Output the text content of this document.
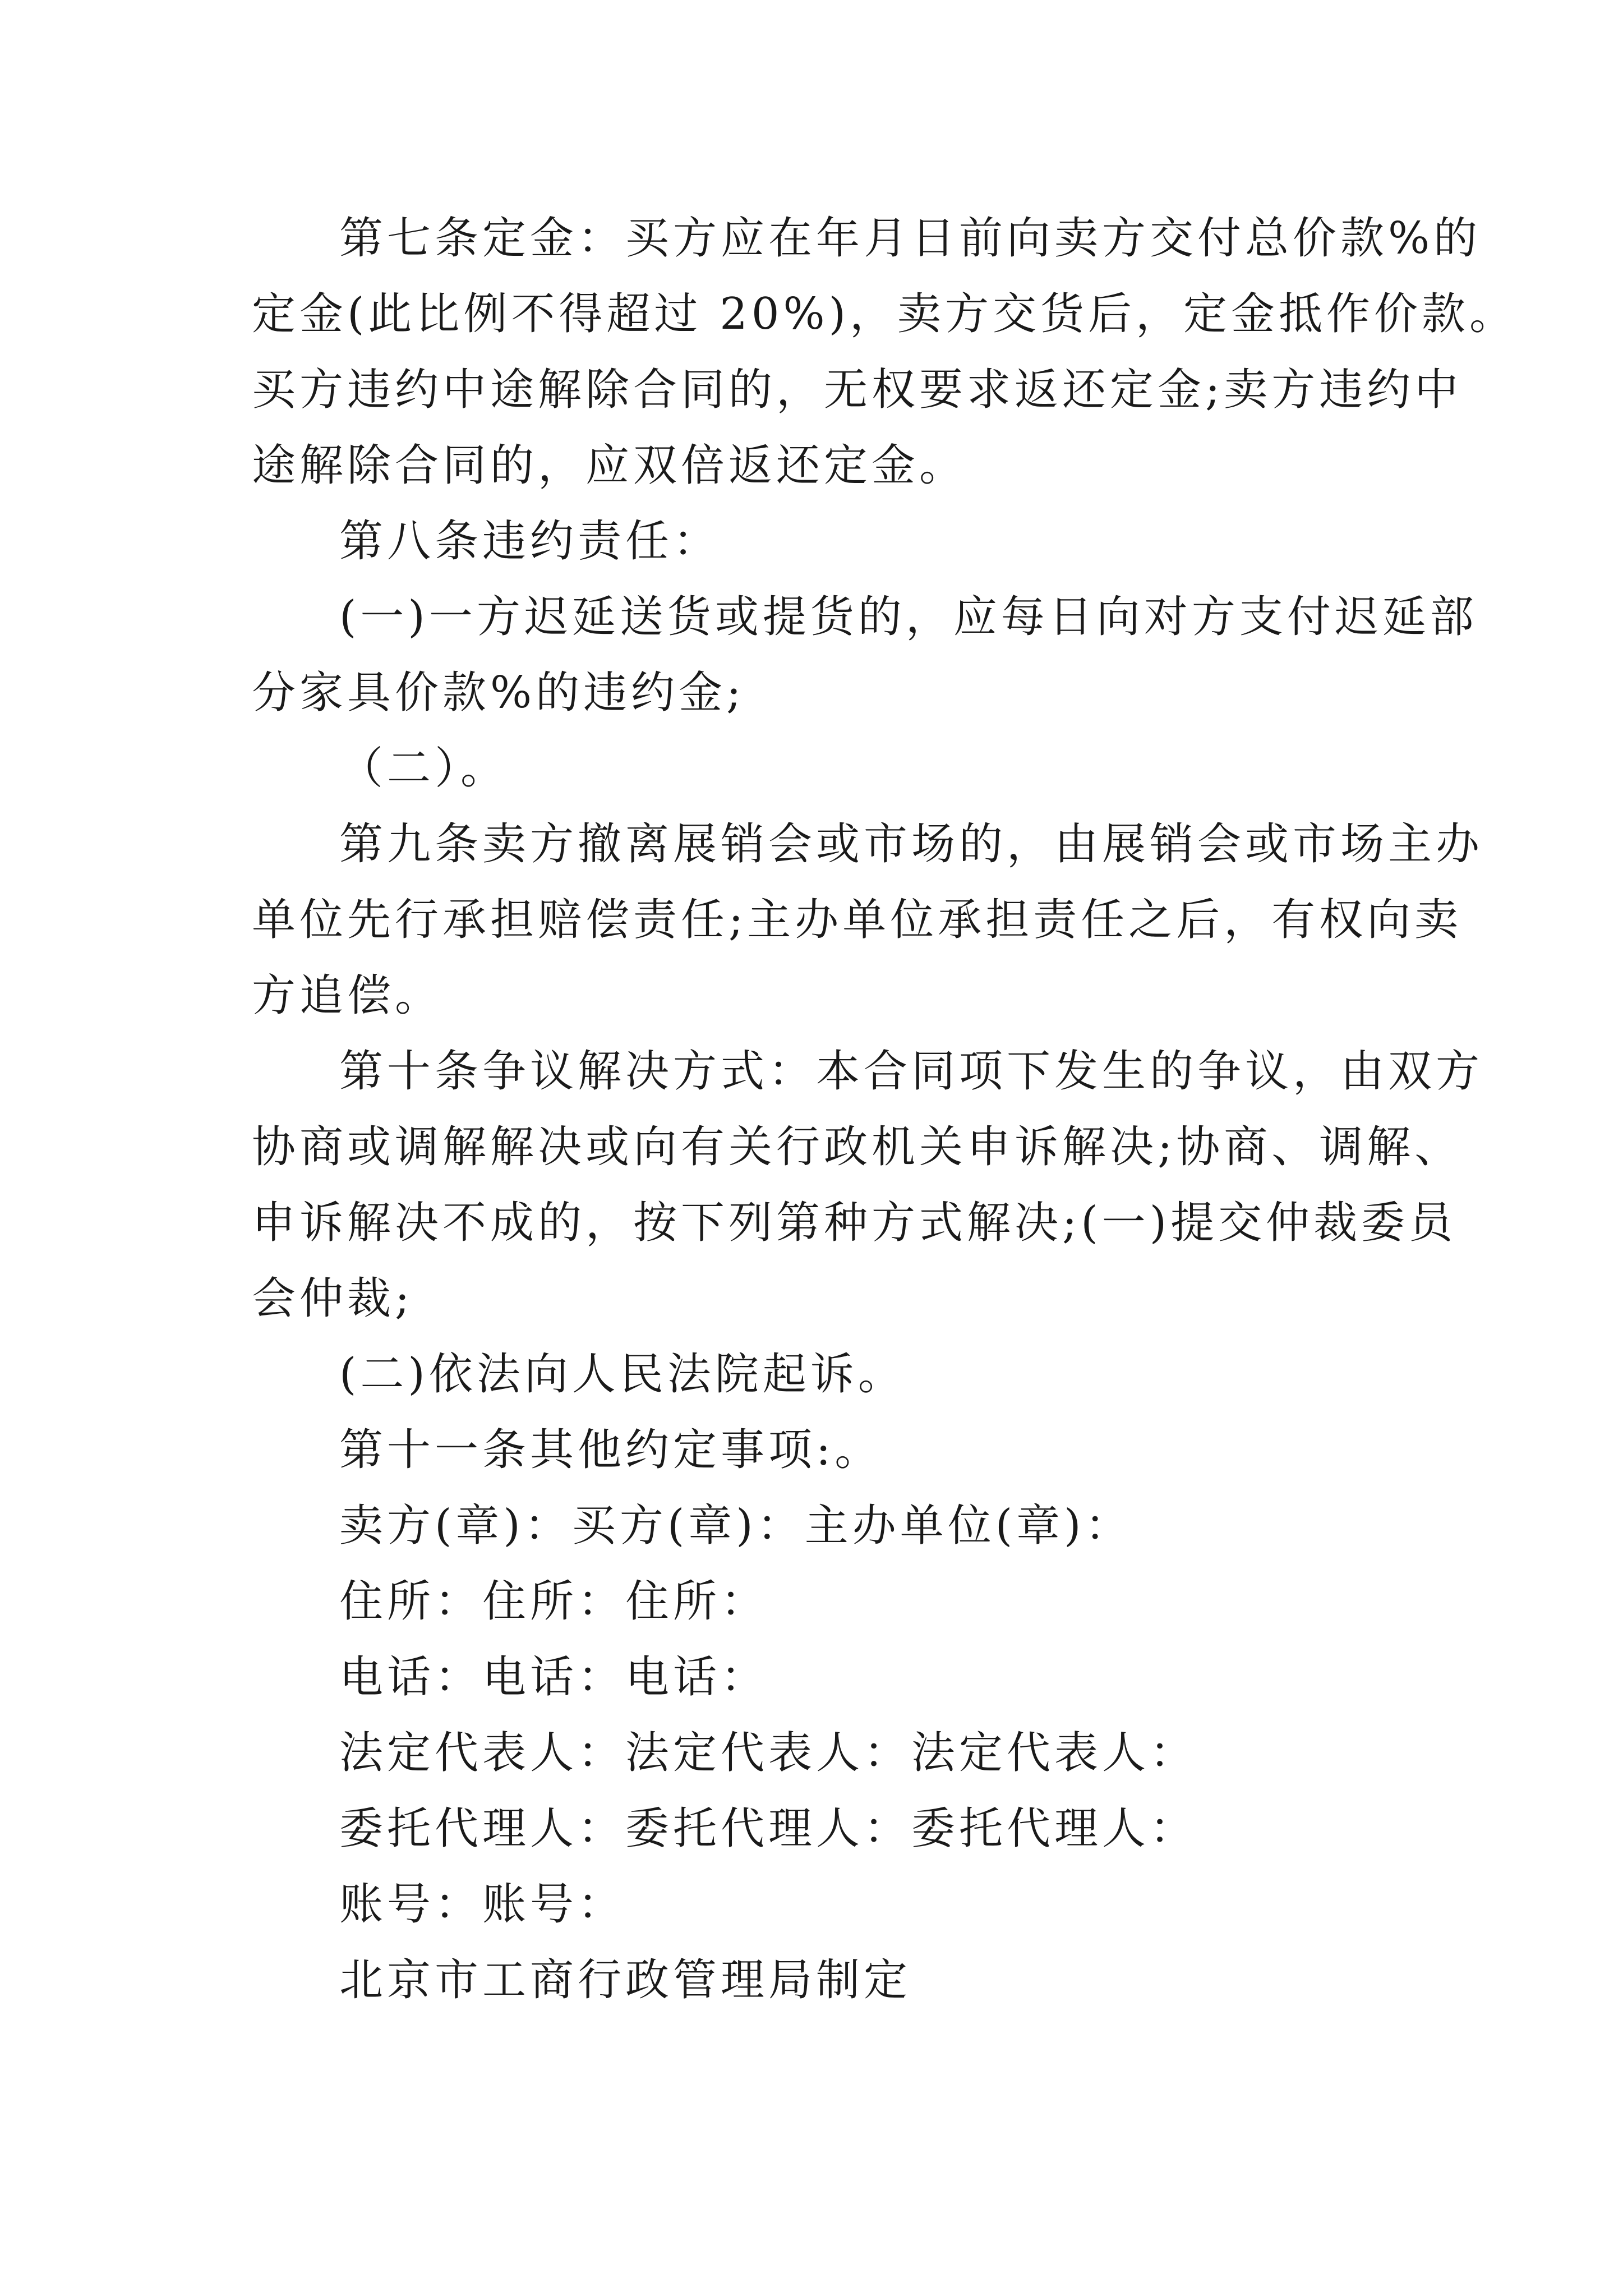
第七条定金：买方应在年月日前向卖方交付总价款%的
定金(此比例不得超过 20%)，卖方交货后，定金抵作价款。
买方违约中途解除合同的，无权要求返还定金;卖方违约中
途解除合同的，应双倍返还定金。
第八条违约责任：
(一)一方迟延送货或提货的，应每日向对方支付迟延部
分家具价款%的违约金;
（二）。
第九条卖方撤离展销会或市场的，由展销会或市场主办
单位先行承担赔偿责任;主办单位承担责任之后，有权向卖
方追偿。
第十条争议解决方式：本合同项下发生的争议，由双方
协商或调解解决或向有关行政机关申诉解决;协商、调解、
申诉解决不成的，按下列第种方式解决;(一)提交仲裁委员
会仲裁;
(二)依法向人民法院起诉。
第十一条其他约定事项:。
卖方(章)：买方(章)：主办单位(章)：
住所：住所：住所：
电话：电话：电话：
法定代表人：法定代表人：法定代表人：
委托代理人：委托代理人：委托代理人：
账号：账号：
北京市工商行政管理局制定
